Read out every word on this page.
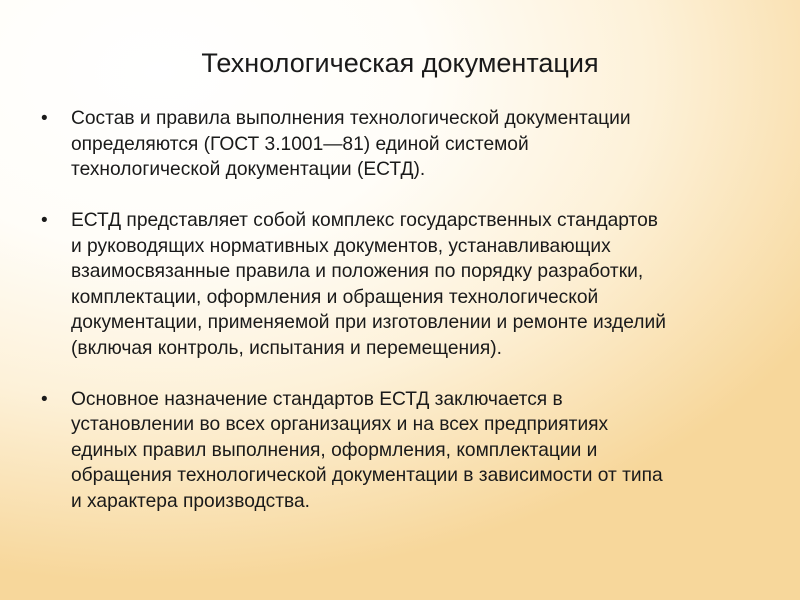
Технологическая документация
• Состав и правила выполнения технологической документации
определяются (ГОСТ 3.1001—81) единой системой
технологической документации (ЕСТД).
• ЕСТД представляет собой комплекс государственных стандартов
и руководящих нормативных документов, устанавливающих
взаимосвязанные правила и положения по порядку разработки,
комплектации, оформления и обращения технологической
документации, применяемой при изготовлении и ремонте изделий
(включая контроль, испытания и перемещения).
• Основное назначение стандартов ЕСТД заключается в
установлении во всех организациях и на всех предприятиях
единых правил выполнения, оформления, комплектации и
обращения технологической документации в зависимости от типа
и характера производства.
